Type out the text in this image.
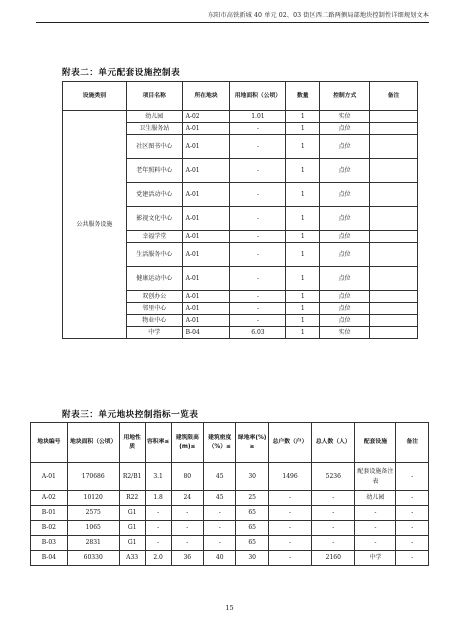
东阳市高铁新城 40 单元 02、03 街区西二路两侧局部地块控制性详细规划文本
附表二：单元配套设施控制表
设施类别	项目名称	所在地块	用地面积（公顷）	数量	控制方式	备注
公共服务设施	幼儿园	A-02	1.01	1	实位	
	卫生服务站	A-01	-	1	点位	
	社区图书中心	A-01	-	1	点位	
	老年照料中心	A-01	-	1	点位	
	党建活动中心	A-01	-	1	点位	
	影视文化中心	A-01	-	1	点位	
	幸福学堂	A-01	-	1	点位	
	生活服务中心	A-01	-	1	点位	
	健康运动中心	A-01	-	1	点位	
	双创办公	A-01	-	1	点位	
	邻里中心	A-01	-	1	点位	
	物业中心	A-01	-	1	点位	
	中学	B-04	6.03	1	实位	
附表三：单元地块控制指标一览表
地块编号	地块面积（公顷）	用地性质	容积率≤	建筑限高(m)≤	建筑密度（%）≤	绿地率(%)≥	总户数（户）	总人数（人）	配套设施	备注
A-01	170686	R2/B1	3.1	80	45	30	1496	5236	配套设施备注表	-
A-02	10120	R22	1.8	24	45	25	-	-	幼儿园	-
B-01	2575	G1	-	-	-	65	-	-	-	-
B-02	1065	G1	-	-	-	65	-	-	-	-
B-03	2831	G1	-	-	-	65	-	-	-	-
B-04	60330	A33	2.0	36	40	30	-	2160	中学	-
15
